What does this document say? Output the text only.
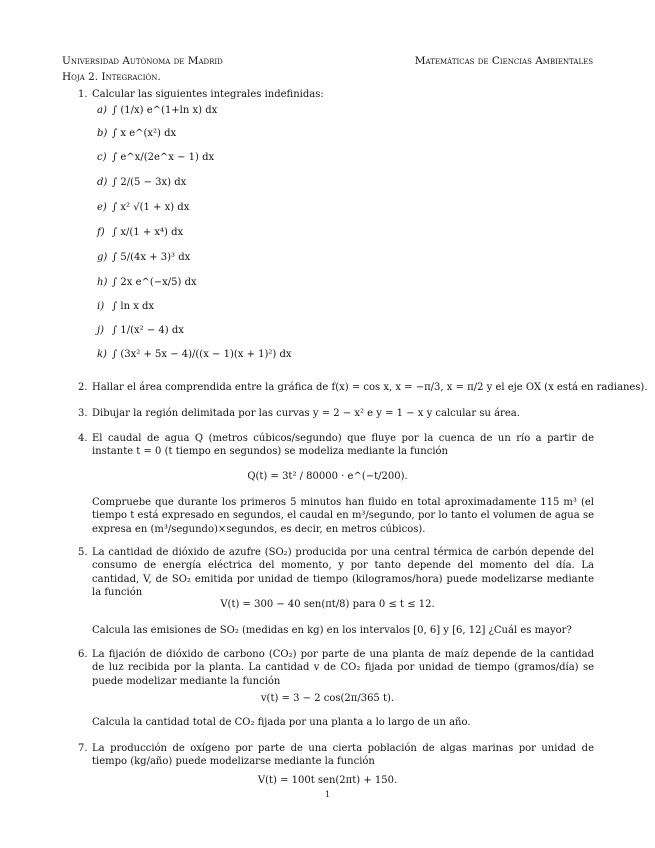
Universidad Autónoma de Madrid	Matemáticas de Ciencias Ambientales
Hoja 2. Integración.
1. Calcular las siguientes integrales indefinidas:
a) ∫ (1/x) e^(1+ln x) dx
b) ∫ x e^(x²) dx
c) ∫ e^x/(2e^x − 1) dx
d) ∫ 2/(5 − 3x) dx
e) ∫ x² √(1 + x) dx
f) ∫ x/(1 + x⁴) dx
g) ∫ 5/(4x + 3)³ dx
h) ∫ 2x e^(−x/5) dx
i) ∫ ln x dx
j) ∫ 1/(x² − 4) dx
k) ∫ (3x² + 5x − 4)/((x − 1)(x + 1)²) dx
2. Hallar el área comprendida entre la gráfica de f(x) = cos x, x = −π/3, x = π/2 y el eje OX (x está en radianes).
3. Dibujar la región delimitada por las curvas y = 2 − x² e y = 1 − x y calcular su área.
4. El caudal de agua Q (metros cúbicos/segundo) que fluye por la cuenca de un río a partir de instante t = 0 (t tiempo en segundos) se modeliza mediante la función
Q(t) = 3t² / 80000 · e^(−t/200).
Compruebe que durante los primeros 5 minutos han fluido en total aproximadamente 115 m³ (el tiempo t está expresado en segundos, el caudal en m³/segundo, por lo tanto el volumen de agua se expresa en (m³/segundo)×segundos, es decir, en metros cúbicos).
5. La cantidad de dióxido de azufre (SO₂) producida por una central térmica de carbón depende del consumo de energía eléctrica del momento, y por tanto depende del momento del día. La cantidad, V, de SO₂ emitida por unidad de tiempo (kilogramos/hora) puede modelizarse mediante la función
V(t) = 300 − 40 sen(πt/8) para 0 ≤ t ≤ 12.
Calcula las emisiones de SO₂ (medidas en kg) en los intervalos [0, 6] y [6, 12] ¿Cuál es mayor?
6. La fijación de dióxido de carbono (CO₂) por parte de una planta de maíz depende de la cantidad de luz recibida por la planta. La cantidad v de CO₂ fijada por unidad de tiempo (gramos/día) se puede modelizar mediante la función
v(t) = 3 − 2 cos(2π/365 t).
Calcula la cantidad total de CO₂ fijada por una planta a lo largo de un año.
7. La producción de oxígeno por parte de una cierta población de algas marinas por unidad de tiempo (kg/año) puede modelizarse mediante la función
V(t) = 100t sen(2πt) + 150.
1
